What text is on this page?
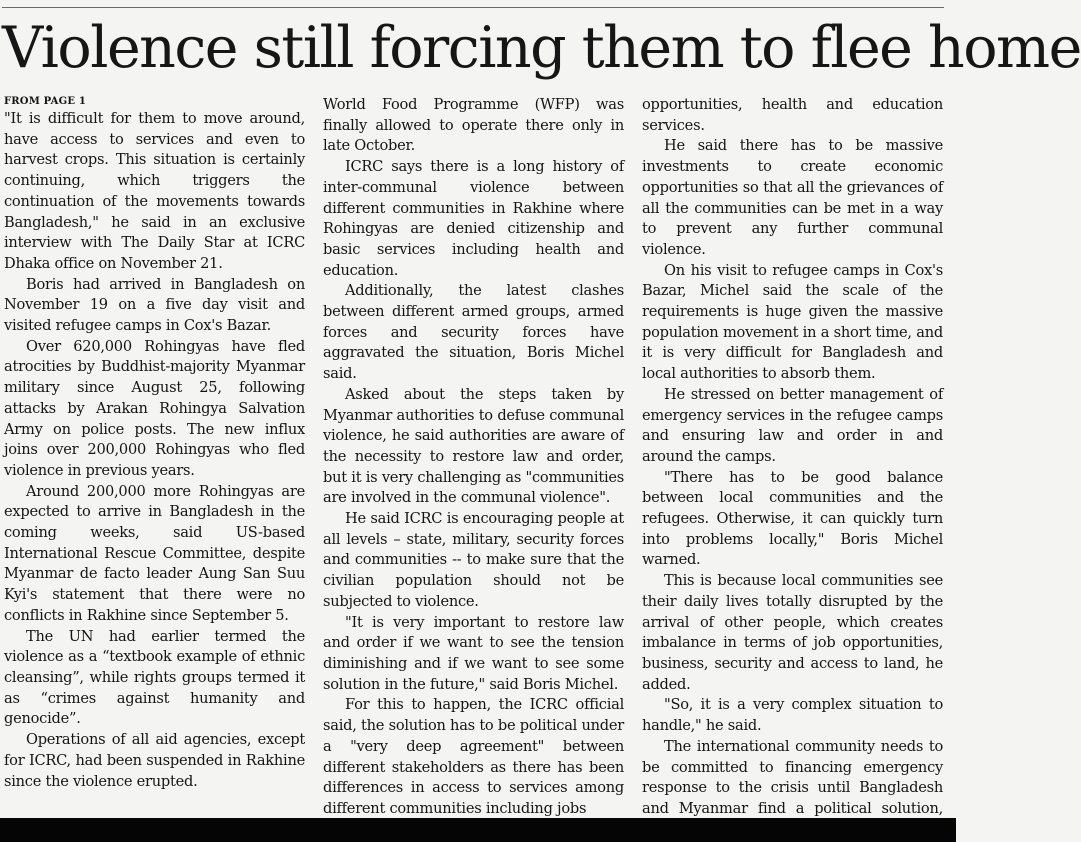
Violence still forcing them to flee home
FROM PAGE 1

"It is difficult for them to move around, have access to services and even to harvest crops. This situation is certainly continuing, which triggers the continuation of the movements towards Bangladesh," he said in an exclusive interview with The Daily Star at ICRC Dhaka office on November 21.

Boris had arrived in Bangladesh on November 19 on a five day visit and visited refugee camps in Cox's Bazar.

Over 620,000 Rohingyas have fled atrocities by Buddhist-majority Myanmar military since August 25, following attacks by Arakan Rohingya Salvation Army on police posts. The new influx joins over 200,000 Rohingyas who fled violence in previous years.

Around 200,000 more Rohingyas are expected to arrive in Bangladesh in the coming weeks, said US-based International Rescue Committee, despite Myanmar de facto leader Aung San Suu Kyi's statement that there were no conflicts in Rakhine since September 5.

The UN had earlier termed the violence as a “textbook example of ethnic cleansing”, while rights groups termed it as “crimes against humanity and genocide”.

Operations of all aid agencies, except for ICRC, had been suspended in Rakhine since the violence erupted.

World Food Programme (WFP) was finally allowed to operate there only in late October.

ICRC says there is a long history of inter-communal violence between different communities in Rakhine where Rohingyas are denied citizenship and basic services including health and education.

Additionally, the latest clashes between different armed groups, armed forces and security forces have aggravated the situation, Boris Michel said.

Asked about the steps taken by Myanmar authorities to defuse communal violence, he said authorities are aware of the necessity to restore law and order, but it is very challenging as "communities are involved in the communal violence".

He said ICRC is encouraging people at all levels – state, military, security forces and communities -- to make sure that the civilian population should not be subjected to violence.

"It is very important to restore law and order if we want to see the tension diminishing and if we want to see some solution in the future," said Boris Michel.

For this to happen, the ICRC official said, the solution has to be political under a "very deep agreement" between different stakeholders as there has been differences in access to services among different communities including jobs

opportunities, health and education services.

He said there has to be massive investments to create economic opportunities so that all the grievances of all the communities can be met in a way to prevent any further communal violence.

On his visit to refugee camps in Cox's Bazar, Michel said the scale of the requirements is huge given the massive population movement in a short time, and it is very difficult for Bangladesh and local authorities to absorb them.

He stressed on better management of emergency services in the refugee camps and ensuring law and order in and around the camps.

"There has to be good balance between local communities and the refugees. Otherwise, it can quickly turn into problems locally," Boris Michel warned.

This is because local communities see their daily lives totally disrupted by the arrival of other people, which creates imbalance in terms of job opportunities, business, security and access to land, he added.

"So, it is a very complex situation to handle," he said.

The international community needs to be committed to financing emergency response to the crisis until Bangladesh and Myanmar find a political solution,
